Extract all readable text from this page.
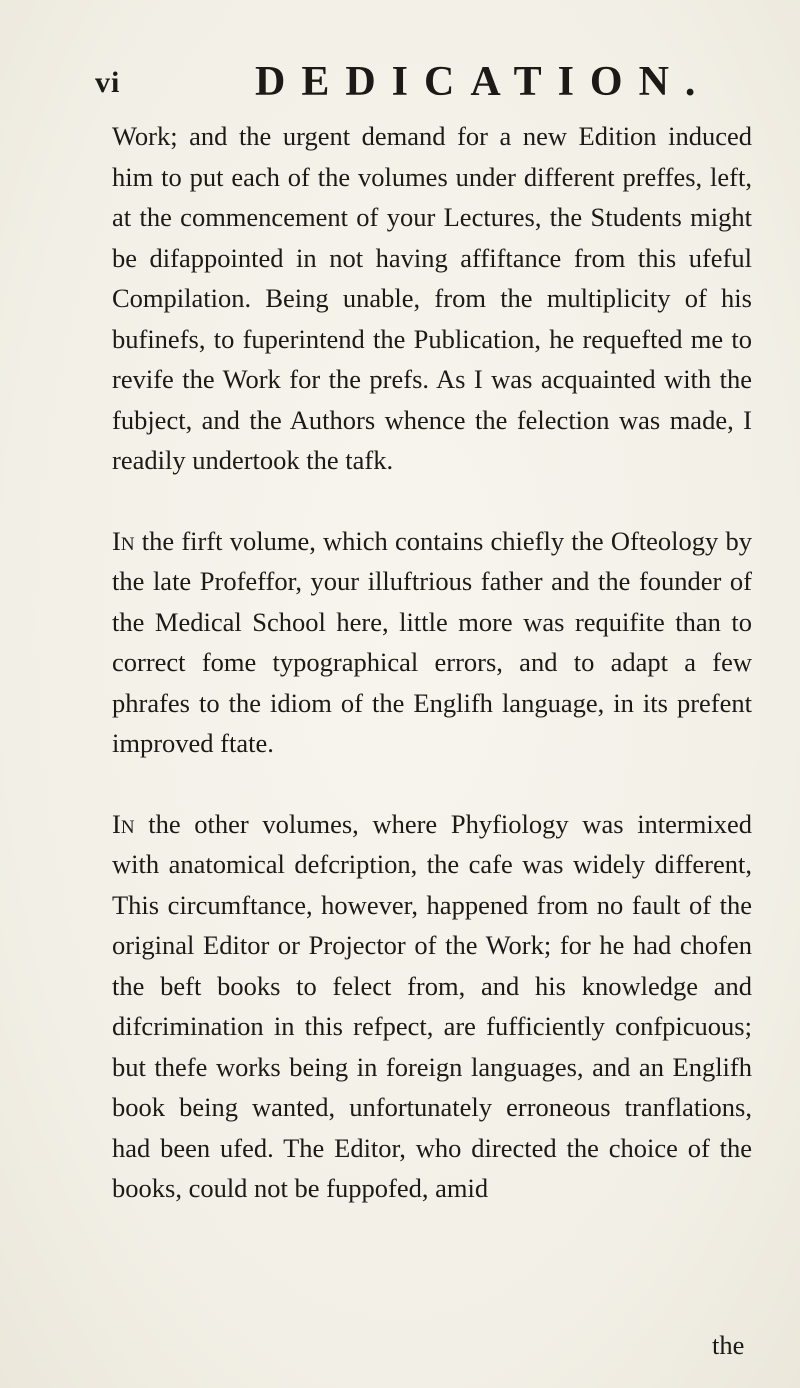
vi	DEDICATION.

Work; and the urgent demand for a new Edition induced him to put each of the volumes under different preffes, left, at the commencement of your Lectures, the Students might be difappointed in not having affiftance from this ufeful Compilation. Being unable, from the multiplicity of his bufinefs, to fuperintend the Publication, he requefted me to revife the Work for the prefs. As I was acquainted with the fubject, and the Authors whence the felection was made, I readily undertook the tafk.

In the firft volume, which contains chiefly the Ofteology by the late Profeffor, your illuftrious father and the founder of the Medical School here, little more was requifite than to correct fome typographical errors, and to adapt a few phrafes to the idiom of the Englifh language, in its prefent improved ftate.

In the other volumes, where Phyfiology was intermixed with anatomical defcription, the cafe was widely different, This circumftance, however, happened from no fault of the original Editor or Projector of the Work; for he had chofen the beft books to felect from, and his knowledge and difcrimination in this refpect, are fufficiently confpicuous; but thefe works being in foreign languages, and an Englifh book being wanted, unfortunately erroneous tranflations, had been ufed. The Editor, who directed the choice of the books, could not be fuppofed, amid

the
